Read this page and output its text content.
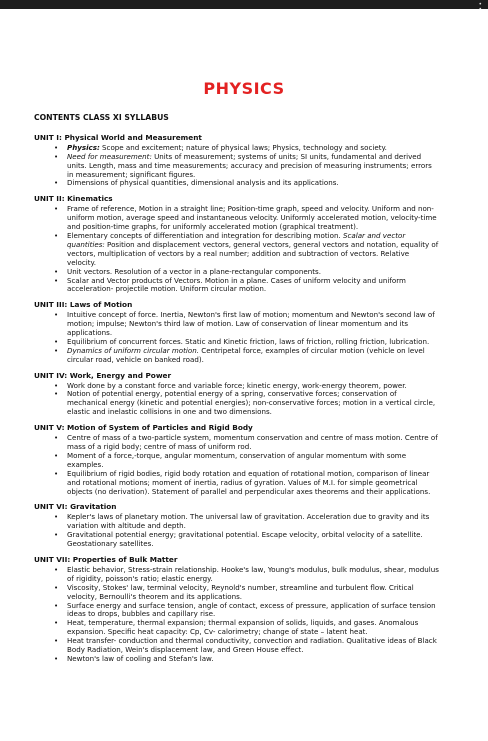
•

PHYSICS
CONTENTS CLASS XI SYLLABUS
UNIT I: Physical World and Measurement
• Physics: Scope and excitement; nature of physical laws; Physics, technology and society.
• Need for measurement: Units of measurement; systems of units; SI units, fundamental and derived units. Length, mass and time measurements; accuracy and precision of measuring instruments; errors in measurement; significant figures.
• Dimensions of physical quantities, dimensional analysis and its applications.
UNIT II: Kinematics
• Frame of reference, Motion in a straight line; Position-time graph, speed and velocity. Uniform and non-uniform motion, average speed and instantaneous velocity. Uniformly accelerated motion, velocity-time and position-time graphs, for uniformly accelerated motion (graphical treatment).
• Elementary concepts of differentiation and integration for describing motion. Scalar and vector quantities: Position and displacement vectors, general vectors, general vectors and notation, equality of vectors, multiplication of vectors by a real number; addition and subtraction of vectors. Relative velocity.
• Unit vectors. Resolution of a vector in a plane-rectangular components.
• Scalar and Vector products of Vectors. Motion in a plane. Cases of uniform velocity and uniform acceleration- projectile motion. Uniform circular motion.
UNIT III: Laws of Motion
• Intuitive concept of force. Inertia, Newton's first law of motion; momentum and Newton's second law of motion; impulse; Newton's third law of motion. Law of conservation of linear momentum and its applications.
• Equilibrium of concurrent forces. Static and Kinetic friction, laws of friction, rolling friction, lubrication.
• Dynamics of uniform circular motion. Centripetal force, examples of circular motion (vehicle on level circular road, vehicle on banked road).
UNIT IV: Work, Energy and Power
• Work done by a constant force and variable force; kinetic energy, work-energy theorem, power.
• Notion of potential energy, potential energy of a spring, conservative forces; conservation of mechanical energy (kinetic and potential energies); non-conservative forces; motion in a vertical circle, elastic and inelastic collisions in one and two dimensions.
UNIT V: Motion of System of Particles and Rigid Body
• Centre of mass of a two-particle system, momentum conservation and centre of mass motion. Centre of mass of a rigid body; centre of mass of uniform rod.
• Moment of a force,-torque, angular momentum, conservation of angular momentum with some examples.
• Equilibrium of rigid bodies, rigid body rotation and equation of rotational motion, comparison of linear and rotational motions; moment of inertia, radius of gyration. Values of M.I. for simple geometrical objects (no derivation). Statement of parallel and perpendicular axes theorems and their applications.
UNIT VI: Gravitation
• Kepler's laws of planetary motion. The universal law of gravitation. Acceleration due to gravity and its variation with altitude and depth.
• Gravitational potential energy; gravitational potential. Escape velocity, orbital velocity of a satellite. Geostationary satellites.
UNIT VII: Properties of Bulk Matter
• Elastic behavior, Stress-strain relationship. Hooke's law, Young's modulus, bulk modulus, shear, modulus of rigidity, poisson's ratio; elastic energy.
• Viscosity, Stokes' law, terminal velocity, Reynold's number, streamline and turbulent flow. Critical velocity, Bernoulli's theorem and its applications.
• Surface energy and surface tension, angle of contact, excess of pressure, application of surface tension ideas to drops, bubbles and capillary rise.
• Heat, temperature, thermal expansion; thermal expansion of solids, liquids, and gases. Anomalous expansion. Specific heat capacity: Cp, Cv- calorimetry; change of state – latent heat.
• Heat transfer- conduction and thermal conductivity, convection and radiation. Qualitative ideas of Black Body Radiation, Wein's displacement law, and Green House effect.
• Newton's law of cooling and Stefan's law.
